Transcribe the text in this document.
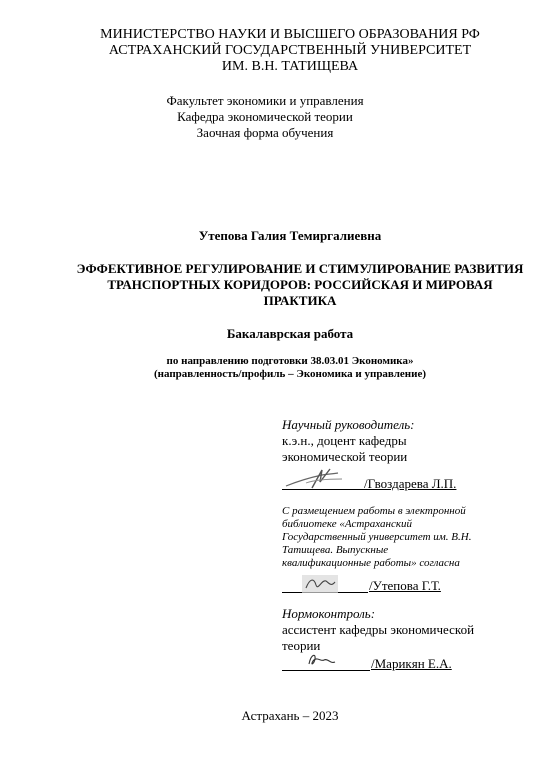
МИНИСТЕРСТВО НАУКИ И ВЫСШЕГО ОБРАЗОВАНИЯ РФ
АСТРАХАНСКИЙ ГОСУДАРСТВЕННЫЙ УНИВЕРСИТЕТ
ИМ. В.Н. ТАТИЩЕВА
Факультет экономики и управления
Кафедра экономической теории
Заочная форма обучения
Утепова Галия Темиргалиевна
ЭФФЕКТИВНОЕ РЕГУЛИРОВАНИЕ И СТИМУЛИРОВАНИЕ РАЗВИТИЯ
ТРАНСПОРТНЫХ КОРИДОРОВ: РОССИЙСКАЯ И МИРОВАЯ
ПРАКТИКА
Бакалаврская работа
по направлению подготовки 38.03.01 Экономика»
(направленность/профиль – Экономика и управление)
Научный руководитель:
к.э.н., доцент кафедры
экономической теории
/Гвоздарева Л.П.
С размещением работы в электронной
библиотеке «Астраханский
Государственный университет им. В.Н.
Татищева. Выпускные
квалификационные работы» согласна
/Утепова Г.Т.
Нормоконтроль:
ассистент кафедры экономической
теории
/Марикян Е.А.
Астрахань – 2023
